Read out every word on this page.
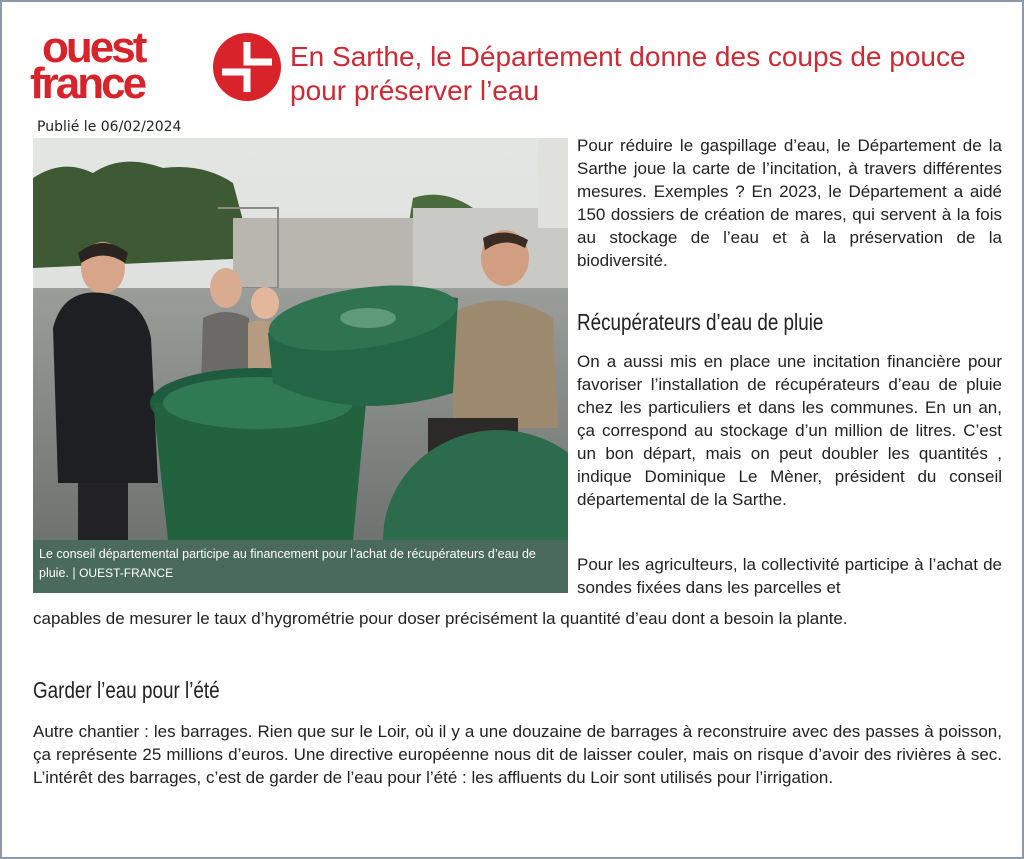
ouest
france
En Sarthe, le Département donne des coups de pouce pour préserver l’eau
Publié le 06/02/2024
Le conseil départemental participe au financement pour l’achat de récupérateurs d’eau de pluie. | OUEST-FRANCE

Pour réduire le gaspillage d’eau, le Département de la Sarthe joue la carte de l’incitation, à travers différentes mesures. Exemples ? En 2023, le Département a aidé 150 dossiers de création de mares, qui servent à la fois au stockage de l’eau et à la préservation de la biodiversité.

Récupérateurs d’eau de pluie

On a aussi mis en place une incitation financière pour favoriser l’installation de récupérateurs d’eau de pluie chez les particuliers et dans les communes. En un an, ça correspond au stockage d’un million de litres. C’est un bon départ, mais on peut doubler les quantités , indique Dominique Le Mèner, président du conseil départemental de la Sarthe.

Pour les agriculteurs, la collectivité participe à l’achat de sondes fixées dans les parcelles et

capables de mesurer le taux d’hygrométrie pour doser précisément la quantité d’eau dont a besoin la plante.

Garder l’eau pour l’été

Autre chantier : les barrages. Rien que sur le Loir, où il y a une douzaine de barrages à reconstruire avec des passes à poisson, ça représente 25 millions d’euros. Une directive européenne nous dit de laisser couler, mais on risque d’avoir des rivières à sec. L’intérêt des barrages, c’est de garder de l’eau pour l’été : les affluents du Loir sont utilisés pour l’irrigation.
